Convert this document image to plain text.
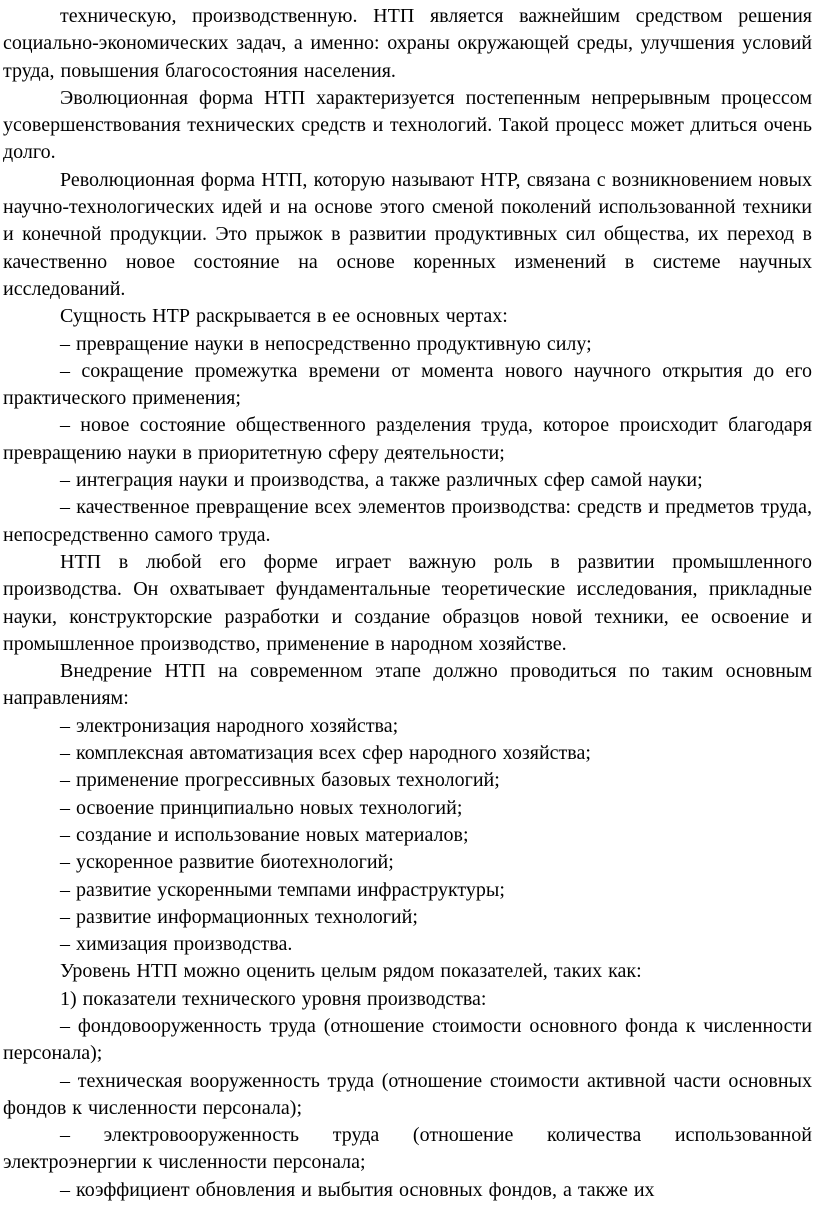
техническую, производственную. НТП является важнейшим средством решения социально-экономических задач, а именно: охраны окружающей среды, улучшения условий труда, повышения благосостояния населения.

Эволюционная форма НТП характеризуется постепенным непрерывным процессом усовершенствования технических средств и технологий. Такой процесс может длиться очень долго.

Революционная форма НТП, которую называют НТР, связана с возникновением новых научно-технологических идей и на основе этого сменой поколений использованной техники и конечной продукции. Это прыжок в развитии продуктивных сил общества, их переход в качественно новое состояние на основе коренных изменений в системе научных исследований.

Сущность НТР раскрывается в ее основных чертах:

– превращение науки в непосредственно продуктивную силу;

– сокращение промежутка времени от момента нового научного открытия до его практического применения;

– новое состояние общественного разделения труда, которое происходит благодаря превращению науки в приоритетную сферу деятельности;

– интеграция науки и производства, а также различных сфер самой науки;

– качественное превращение всех элементов производства: средств и предметов труда, непосредственно самого труда.

НТП в любой его форме играет важную роль в развитии промышленного производства. Он охватывает фундаментальные теоретические исследования, прикладные науки, конструкторские разработки и создание образцов новой техники, ее освоение и промышленное производство, применение в народном хозяйстве.

Внедрение НТП на современном этапе должно проводиться по таким основным направлениям:

– электронизация народного хозяйства;

– комплексная автоматизация всех сфер народного хозяйства;

– применение прогрессивных базовых технологий;

– освоение принципиально новых технологий;

– создание и использование новых материалов;

– ускоренное развитие биотехнологий;

– развитие ускоренными темпами инфраструктуры;

– развитие информационных технологий;

– химизация производства.

Уровень НТП можно оценить целым рядом показателей, таких как:

1) показатели технического уровня производства:

– фондовооруженность труда (отношение стоимости основного фонда к численности персонала);

– техническая вооруженность труда (отношение стоимости активной части основных фондов к численности персонала);

– электровооруженность труда (отношение количества использованной электроэнергии к численности персонала;

– коэффициент обновления и выбытия основных фондов, а также их
